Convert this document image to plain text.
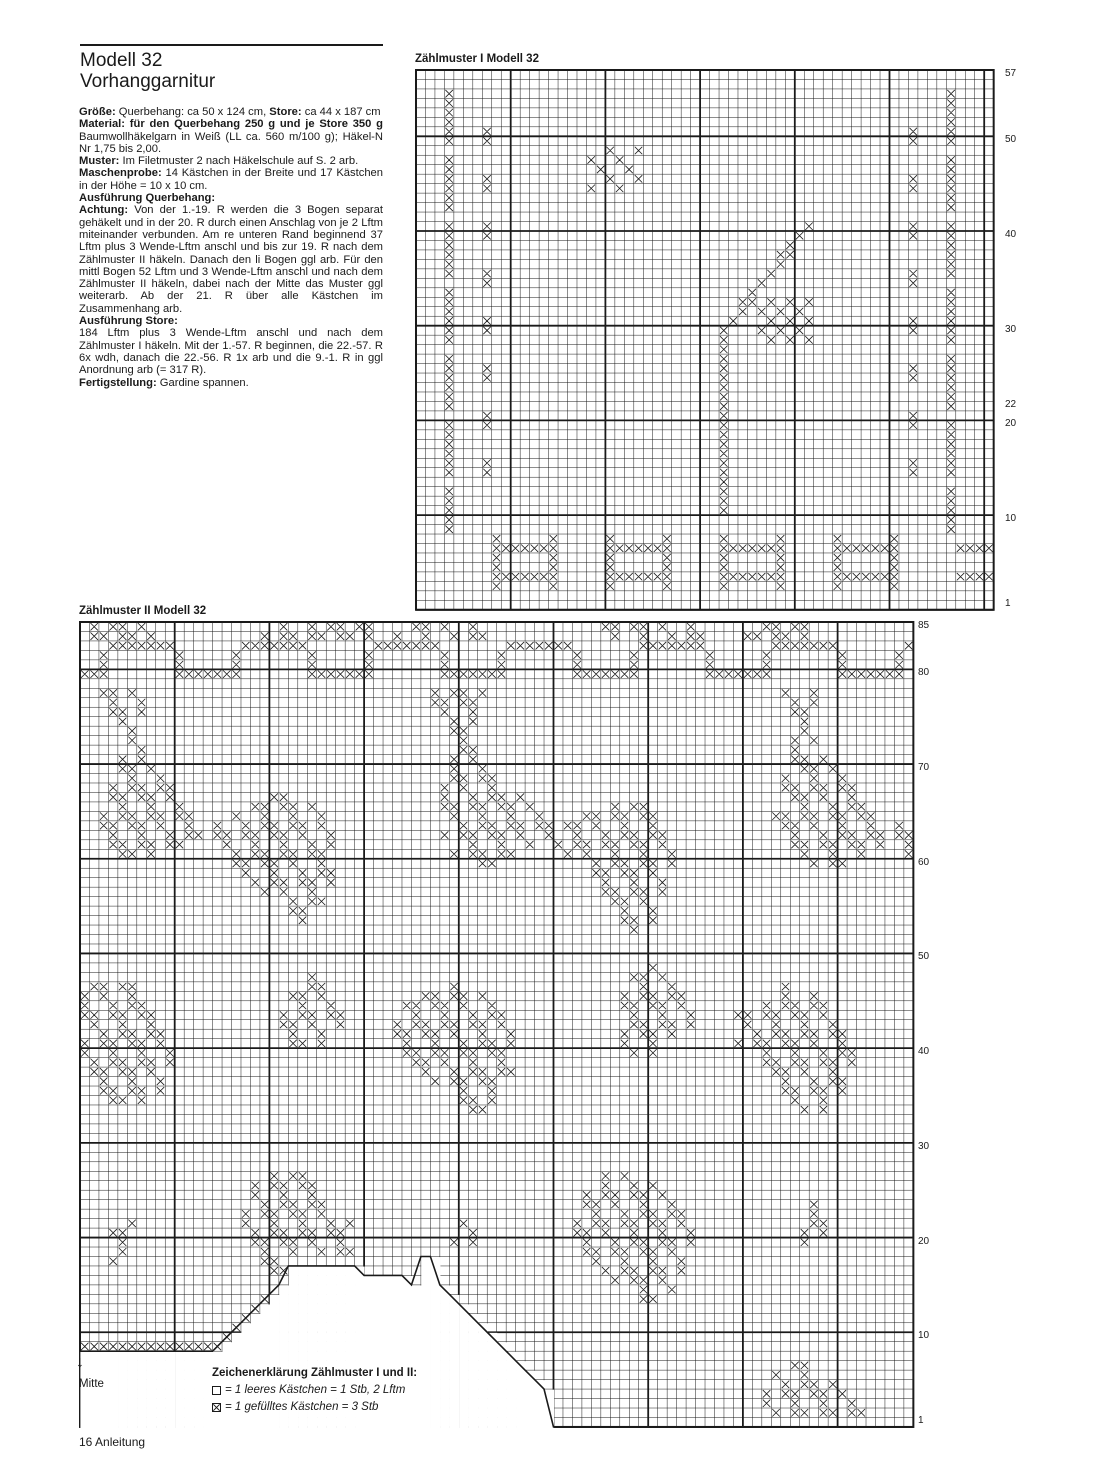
Modell 32
Vorhanggarnitur

Größe: Querbehang: ca 50 x 124 cm, Store: ca 44 x 187 cm

Material: für den Querbehang 250 g und je Store 350 g Baumwollhäkelgarn in Weiß (LL ca. 560 m/100 g); Häkel-N Nr 1,75 bis 2,00.

Muster: Im Filetmuster 2 nach Häkelschule auf S. 2 arb.

Maschenprobe: 14 Kästchen in der Breite und 17 Kästchen in der Höhe = 10 x 10 cm.

Ausführung Querbehang:

Achtung: Von der 1.-19. R werden die 3 Bogen separat gehäkelt und in der 20. R durch einen Anschlag von je 2 Lftm miteinander verbunden. Am re unteren Rand beginnend 37 Lftm plus 3 Wende-Lftm anschl und bis zur 19. R nach dem Zählmuster II häkeln. Danach den li Bogen ggl arb. Für den mittl Bogen 52 Lftm und 3 Wende-Lftm anschl und nach dem Zählmuster II häkeln, dabei nach der Mitte das Muster ggl weiterarb. Ab der 21. R über alle Kästchen im Zusammenhang arb.

Ausführung Store:

184 Lftm plus 3 Wende-Lftm anschl und nach dem Zählmuster I häkeln. Mit der 1.-57. R beginnen, die 22.-57. R 6x wdh, danach die 22.-56. R 1x arb und die 9.-1. R in ggl Anordnung arb (= 317 R).

Fertigstellung: Gardine spannen.

Zählmuster I Modell 32
Zählmuster II Modell 32
57
50
40
30
22
20
10
1
85
80
70
60
50
40
30
20
10
1
↓
Mitte
Zeichenerklärung Zählmuster I und II:
= 1 leeres Kästchen = 1 Stb, 2 Lftm
= 1 gefülltes Kästchen = 3 Stb
16 Anleitung
